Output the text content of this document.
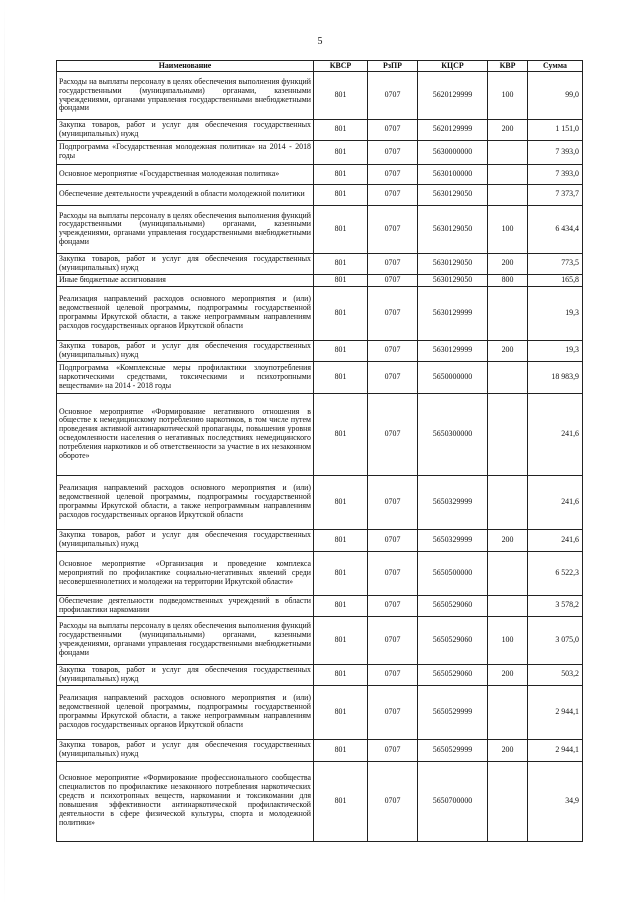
5
Наименование	КВСР	РзПР	КЦСР	КВР	Сумма
Расходы на выплаты персоналу в целях обеспечения выполнения функций государственными (муниципальными) органами, казенными учреждениями, органами управления государственными внебюджетными фондами	801	0707	5620129999	100	99,0
Закупка товаров, работ и услуг для обеспечения государственных (муниципальных) нужд	801	0707	5620129999	200	1 151,0
Подпрограмма «Государственная молодежная политика» на 2014 - 2018 годы	801	0707	5630000000		7 393,0
Основное мероприятие «Государственная молодежная политика»	801	0707	5630100000		7 393,0
Обеспечение деятельности учреждений в области молодежной политики	801	0707	5630129050		7 373,7
Расходы на выплаты персоналу в целях обеспечения выполнения функций государственными (муниципальными) органами, казенными учреждениями, органами управления государственными внебюджетными фондами	801	0707	5630129050	100	6 434,4
Закупка товаров, работ и услуг для обеспечения государственных (муниципальных) нужд	801	0707	5630129050	200	773,5
Иные бюджетные ассигнования	801	0707	5630129050	800	165,8
Реализация направлений расходов основного мероприятия и (или) ведомственной целевой программы, подпрограммы государственной программы Иркутской области, а также непрограммным направлениям расходов государственных органов Иркутской области	801	0707	5630129999		19,3
Закупка товаров, работ и услуг для обеспечения государственных (муниципальных) нужд	801	0707	5630129999	200	19,3
Подпрограмма «Комплексные меры профилактики злоупотребления наркотическими средствами, токсическими и психотропными веществами» на 2014 - 2018 годы	801	0707	5650000000		18 983,9
Основное мероприятие «Формирование негативного отношения в обществе к немедицинскому потреблению наркотиков, в том числе путем проведения активной антинаркотической пропаганды, повышения уровня осведомленности населения о негативных последствиях немедицинского потребления наркотиков и об ответственности за участие в их незаконном обороте»	801	0707	5650300000		241,6
Реализация направлений расходов основного мероприятия и (или) ведомственной целевой программы, подпрограммы государственной программы Иркутской области, а также непрограммным направлениям расходов государственных органов Иркутской области	801	0707	5650329999		241,6
Закупка товаров, работ и услуг для обеспечения государственных (муниципальных) нужд	801	0707	5650329999	200	241,6
Основное мероприятие «Организация и проведение комплекса мероприятий по профилактике социально-негативных явлений среди несовершеннолетних и молодежи на территории Иркутской области»	801	0707	5650500000		6 522,3
Обеспечение деятельности подведомственных учреждений в области профилактики наркомании	801	0707	5650529060		3 578,2
Расходы на выплаты персоналу в целях обеспечения выполнения функций государственными (муниципальными) органами, казенными учреждениями, органами управления государственными внебюджетными фондами	801	0707	5650529060	100	3 075,0
Закупка товаров, работ и услуг для обеспечения государственных (муниципальных) нужд	801	0707	5650529060	200	503,2
Реализация направлений расходов основного мероприятия и (или) ведомственной целевой программы, подпрограммы государственной программы Иркутской области, а также непрограммным направлениям расходов государственных органов Иркутской области	801	0707	5650529999		2 944,1
Закупка товаров, работ и услуг для обеспечения государственных (муниципальных) нужд	801	0707	5650529999	200	2 944,1
Основное мероприятие «Формирование профессионального сообщества специалистов по профилактике незаконного потребления наркотических средств и психотропных веществ, наркомании и токсикомании для повышения эффективности антинаркотической профилактической деятельности в сфере физической культуры, спорта и молодежной политики»	801	0707	5650700000		34,9
